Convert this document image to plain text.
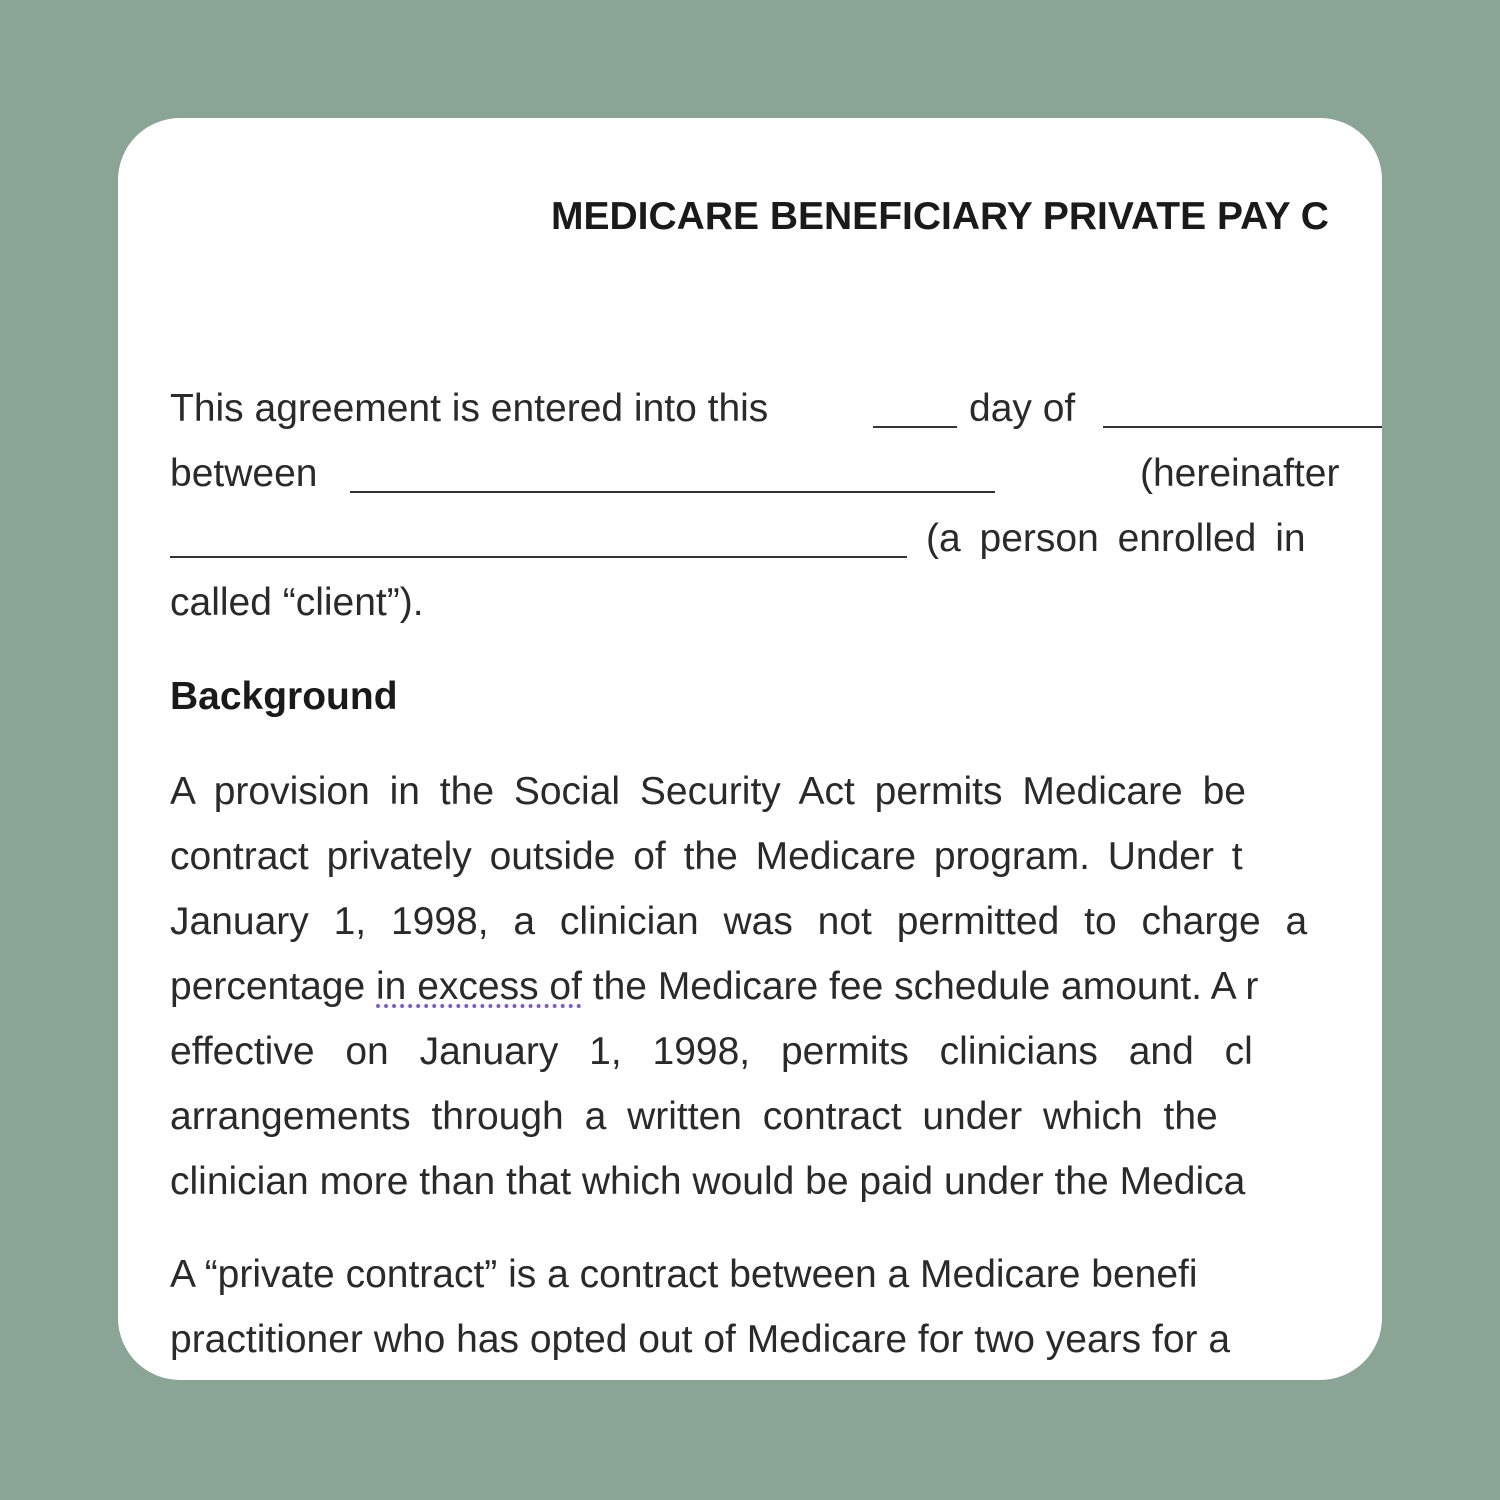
MEDICARE BENEFICIARY PRIVATE PAY C
This agreement is entered into this	day of
between	(hereinafter
(a person enrolled in
called “client”).
Background
A provision in the Social Security Act permits Medicare be
contract privately outside of the Medicare program. Under t
January 1, 1998, a clinician was not permitted to charge a
percentage in excess of the Medicare fee schedule amount. A r
effective on January 1, 1998, permits clinicians and cl
arrangements through a written contract under which the
clinician more than that which would be paid under the Medica
A “private contract” is a contract between a Medicare benefi
practitioner who has opted out of Medicare for two years for a
